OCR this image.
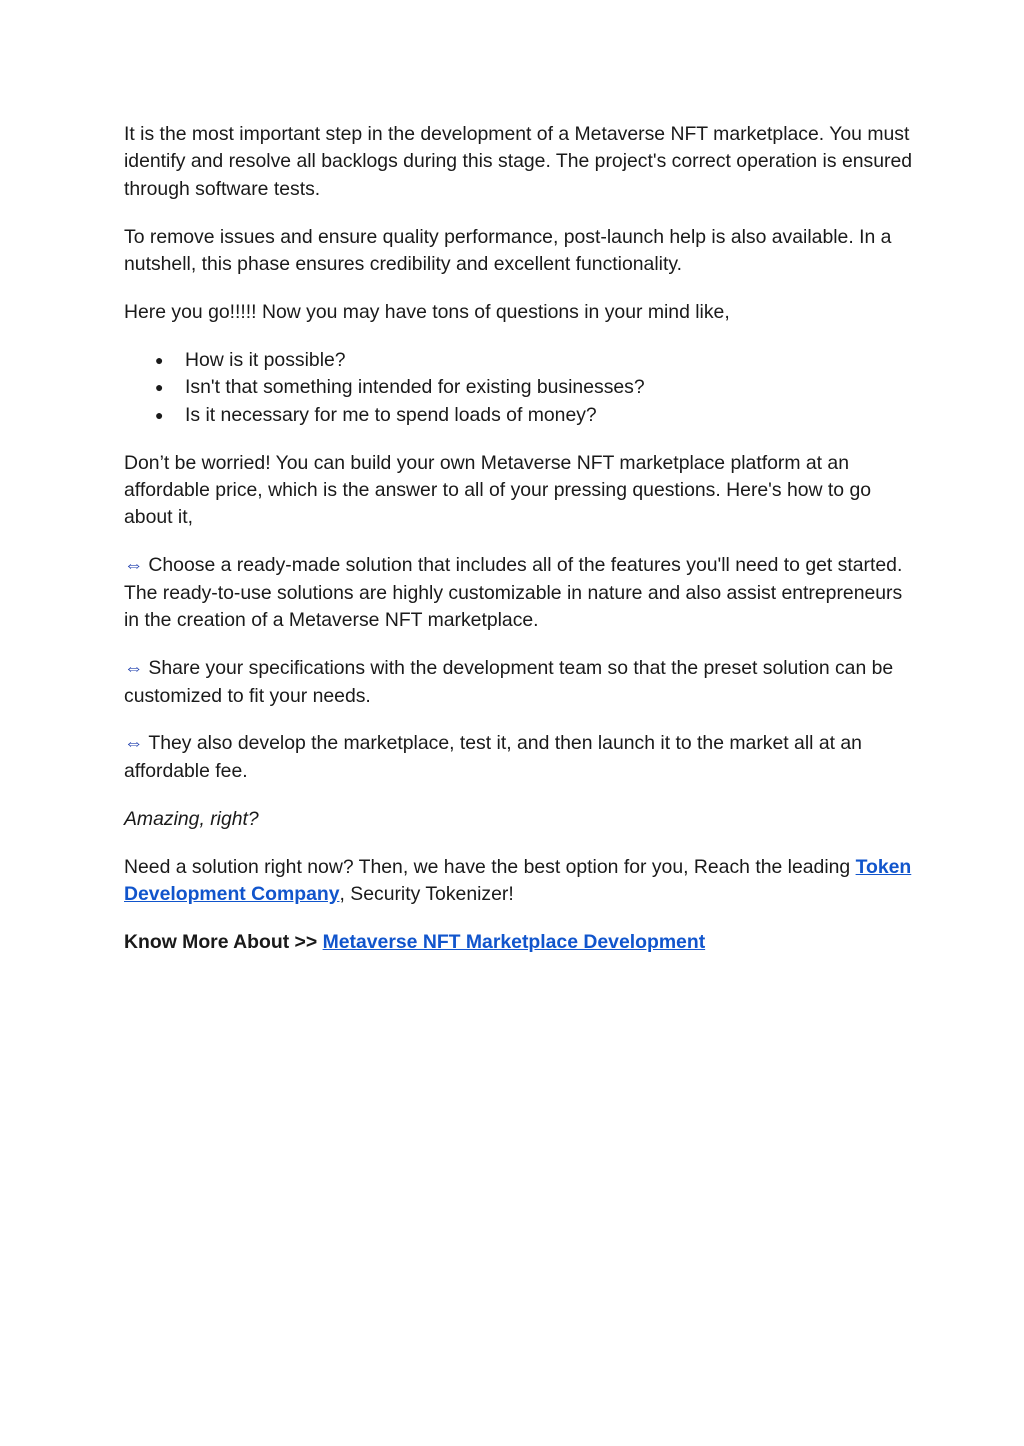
It is the most important step in the development of a Metaverse NFT marketplace. You must identify and resolve all backlogs during this stage. The project's correct operation is ensured through software tests.

To remove issues and ensure quality performance, post-launch help is also available. In a nutshell, this phase ensures credibility and excellent functionality.

Here you go!!!!! Now you may have tons of questions in your mind like,

● How is it possible?
● Isn't that something intended for existing businesses?
● Is it necessary for me to spend loads of money?

Don’t be worried! You can build your own Metaverse NFT marketplace platform at an affordable price, which is the answer to all of your pressing questions. Here's how to go about it,

⇔ Choose a ready-made solution that includes all of the features you'll need to get started. The ready-to-use solutions are highly customizable in nature and also assist entrepreneurs in the creation of a Metaverse NFT marketplace.

⇔ Share your specifications with the development team so that the preset solution can be customized to fit your needs.

⇔ They also develop the marketplace, test it, and then launch it to the market all at an affordable fee.

Amazing, right?

Need a solution right now? Then, we have the best option for you, Reach the leading Token Development Company, Security Tokenizer!

Know More About >> Metaverse NFT Marketplace Development
